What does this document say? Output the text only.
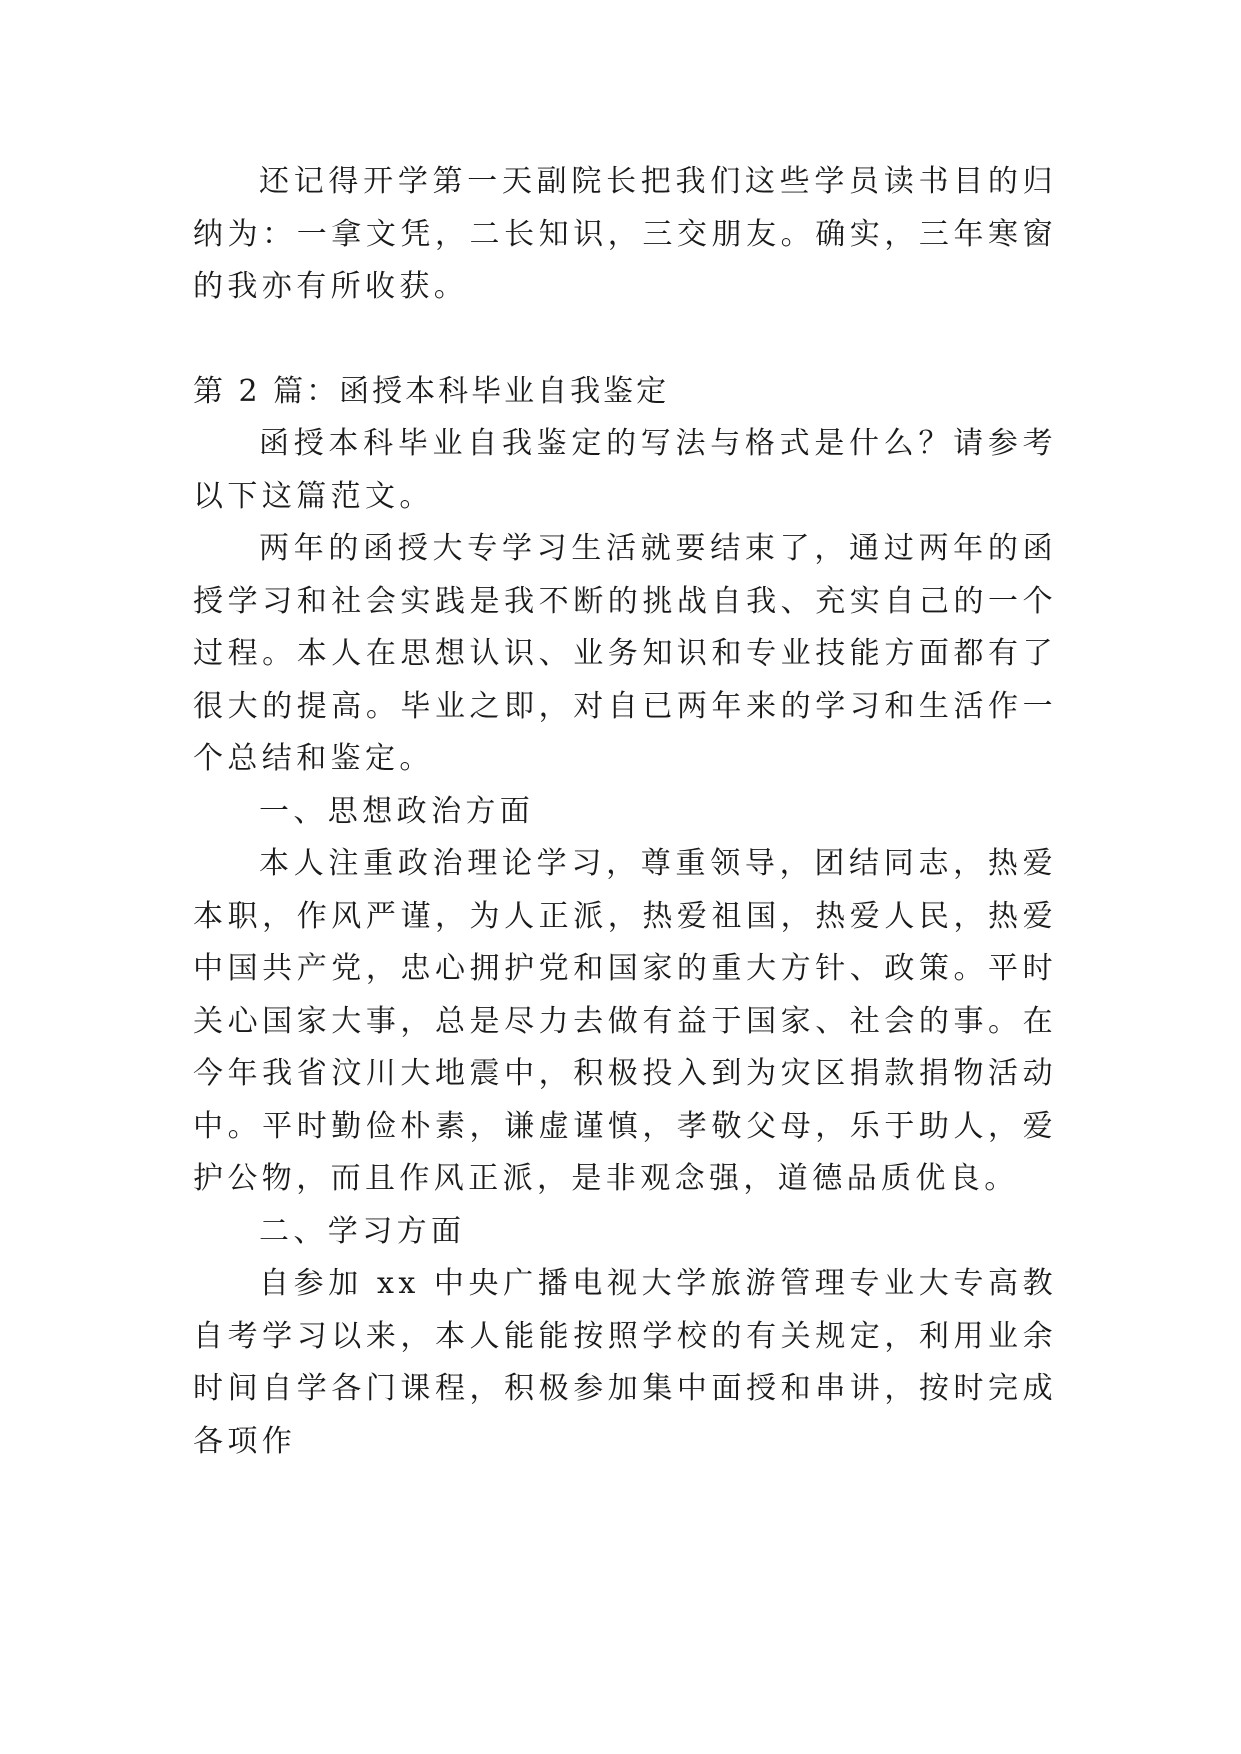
还记得开学第一天副院长把我们这些学员读书目的归纳为：一拿文凭，二长知识，三交朋友。确实，三年寒窗的我亦有所收获。

第 2 篇：函授本科毕业自我鉴定

函授本科毕业自我鉴定的写法与格式是什么？请参考以下这篇范文。

两年的函授大专学习生活就要结束了，通过两年的函授学习和社会实践是我不断的挑战自我、充实自己的一个过程。本人在思想认识、业务知识和专业技能方面都有了很大的提高。毕业之即，对自已两年来的学习和生活作一个总结和鉴定。

一、思想政治方面

本人注重政治理论学习，尊重领导，团结同志，热爱本职，作风严谨，为人正派，热爱祖国，热爱人民，热爱中国共产党，忠心拥护党和国家的重大方针、政策。平时关心国家大事，总是尽力去做有益于国家、社会的事。在今年我省汶川大地震中，积极投入到为灾区捐款捐物活动中。平时勤俭朴素，谦虚谨慎，孝敬父母，乐于助人，爱护公物，而且作风正派，是非观念强，道德品质优良。

二、学习方面

自参加 xx 中央广播电视大学旅游管理专业大专高教自考学习以来，本人能能按照学校的有关规定，利用业余时间自学各门课程，积极参加集中面授和串讲，按时完成各项作
